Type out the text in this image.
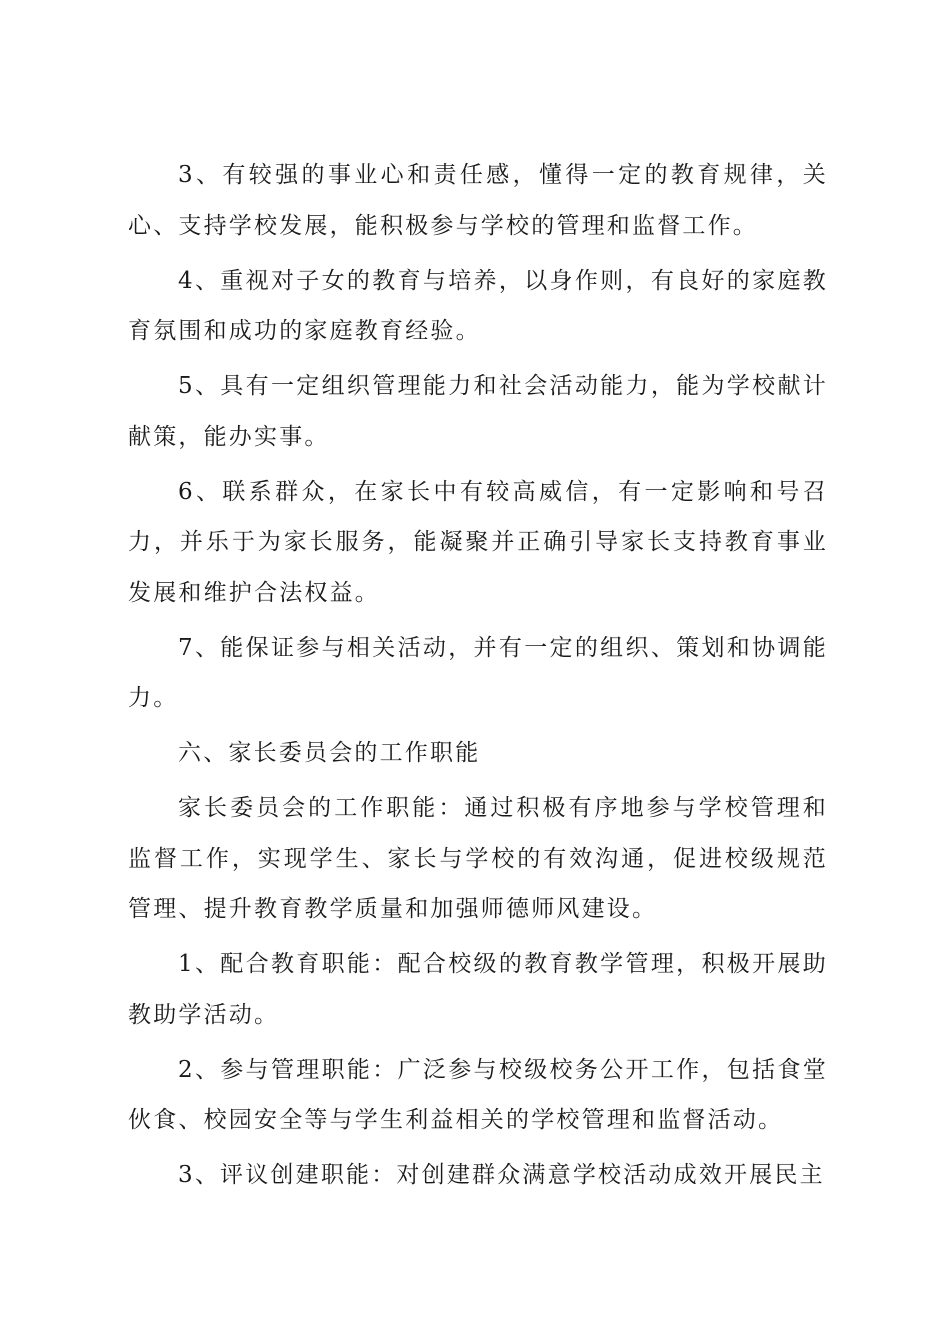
3、有较强的事业心和责任感，懂得一定的教育规律，关心、支持学校发展，能积极参与学校的管理和监督工作。

4、重视对子女的教育与培养，以身作则，有良好的家庭教育氛围和成功的家庭教育经验。

5、具有一定组织管理能力和社会活动能力，能为学校献计献策，能办实事。

6、联系群众，在家长中有较高威信，有一定影响和号召力，并乐于为家长服务，能凝聚并正确引导家长支持教育事业发展和维护合法权益。

7、能保证参与相关活动，并有一定的组织、策划和协调能力。

六、家长委员会的工作职能

家长委员会的工作职能：通过积极有序地参与学校管理和监督工作，实现学生、家长与学校的有效沟通，促进校级规范管理、提升教育教学质量和加强师德师风建设。

1、配合教育职能：配合校级的教育教学管理，积极开展助教助学活动。

2、参与管理职能：广泛参与校级校务公开工作，包括食堂伙食、校园安全等与学生利益相关的学校管理和监督活动。

3、评议创建职能：对创建群众满意学校活动成效开展民主
